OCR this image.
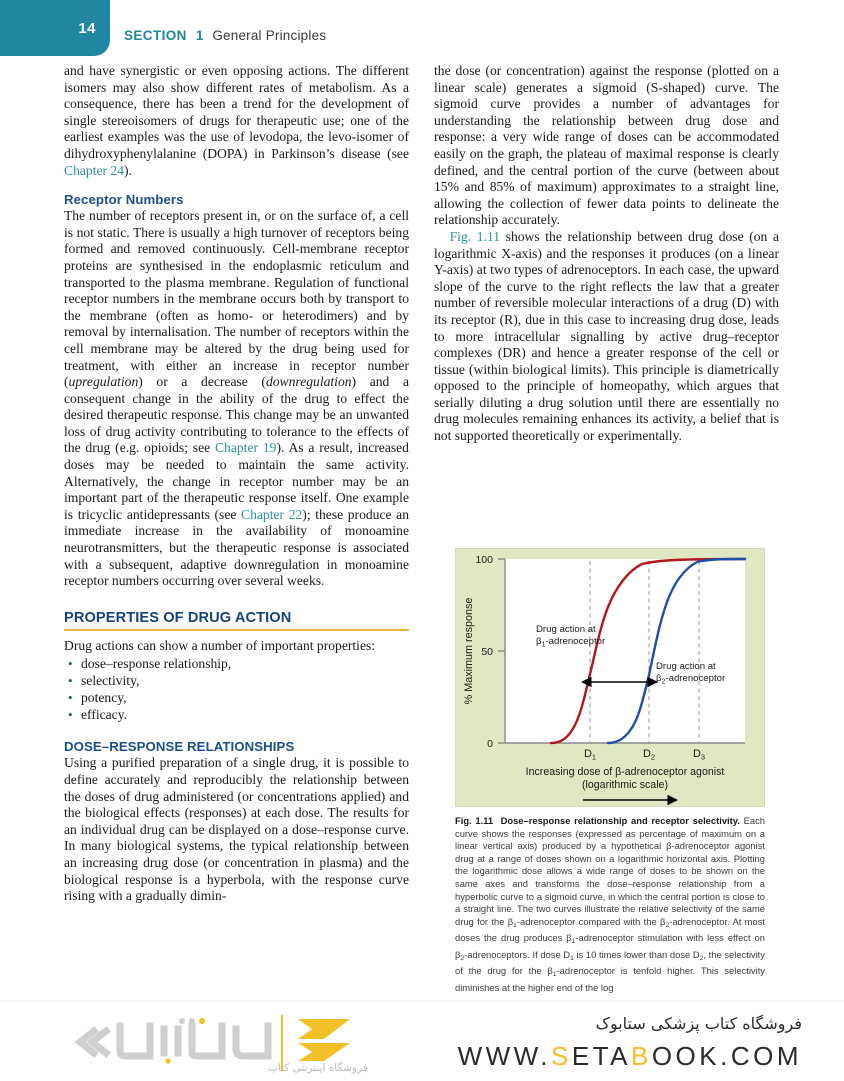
14 SECTION 1 General Principles

and have synergistic or even opposing actions. The different isomers may also show different rates of metabolism. As a consequence, there has been a trend for the development of single stereoisomers of drugs for therapeutic use; one of the earliest examples was the use of levodopa, the levo-isomer of dihydroxyphenylalanine (DOPA) in Parkinson’s disease (see Chapter 24).

Receptor Numbers

The number of receptors present in, or on the surface of, a cell is not static. There is usually a high turnover of receptors being formed and removed continuously. Cell-membrane receptor proteins are synthesised in the endoplasmic reticulum and transported to the plasma membrane. Regulation of functional receptor numbers in the membrane occurs both by transport to the membrane (often as homo- or heterodimers) and by removal by internalisation. The number of receptors within the cell membrane may be altered by the drug being used for treatment, with either an increase in receptor number (upregulation) or a decrease (downregulation) and a consequent change in the ability of the drug to effect the desired therapeutic response. This change may be an unwanted loss of drug activity contributing to tolerance to the effects of the drug (e.g. opioids; see Chapter 19). As a result, increased doses may be needed to maintain the same activity. Alternatively, the change in receptor number may be an important part of the therapeutic response itself. One example is tricyclic antidepressants (see Chapter 22); these produce an immediate increase in the availability of monoamine neurotransmitters, but the therapeutic response is associated with a subsequent, adaptive downregulation in monoamine receptor numbers occurring over several weeks.

PROPERTIES OF DRUG ACTION

Drug actions can show a number of important properties:

• dose–response relationship,
• selectivity,
• potency,
• efficacy.
DOSE–RESPONSE RELATIONSHIPS

Using a purified preparation of a single drug, it is possible to define accurately and reproducibly the relationship between the doses of drug administered (or concentrations applied) and the biological effects (responses) at each dose. The results for an individual drug can be displayed on a dose–response curve. In many biological systems, the typical relationship between an increasing drug dose (or concentration in plasma) and the biological response is a hyperbola, with the response curve rising with a gradually dimin-

the dose (or concentration) against the response (plotted on a linear scale) generates a sigmoid (S-shaped) curve. The sigmoid curve provides a number of advantages for understanding the relationship between drug dose and response: a very wide range of doses can be accommodated easily on the graph, the plateau of maximal response is clearly defined, and the central portion of the curve (between about 15% and 85% of maximum) approximates to a straight line, allowing the collection of fewer data points to delineate the relationship accurately.

Fig. 1.11 shows the relationship between drug dose (on a logarithmic X-axis) and the responses it produces (on a linear Y-axis) at two types of adrenoceptors. In each case, the upward slope of the curve to the right reflects the law that a greater number of reversible molecular interactions of a drug (D) with its receptor (R), due in this case to increasing drug dose, leads to more intracellular signalling by active drug–receptor complexes (DR) and hence a greater response of the cell or tissue (within biological limits). This principle is diametrically opposed to the principle of homeopathy, which argues that serially diluting a drug solution until there are essentially no drug molecules remaining enhances its activity, a belief that is not supported theoretically or experimentally.

100
50
0
% Maximum response	Drug action at
$\beta_1$-adrenoceptor
Drug action at
$\beta_2$-adrenoceptor
$D_1$	$D_2$	$D_3$
Increasing dose of β-adrenoceptor agonist
(logarithmic scale)
Fig. 1.11 Dose–response relationship and receptor selectivity. Each curve shows the responses (expressed as percentage of maximum on a linear vertical axis) produced by a hypothetical β-adrenoceptor agonist drug at a range of doses shown on a logarithmic horizontal axis. Plotting the logarithmic dose allows a wide range of doses to be shown on the same axes and transforms the dose–response relationship from a hyperbolic curve to a sigmoid curve, in which the central portion is close to a straight line. The two curves illustrate the relative selectivity of the same drug for the $\beta_1$-adrenoceptor compared with the $\beta_2$-adrenoceptor. At most doses the drug produces $\beta_1$-adrenoceptor stimulation with less effect on $\beta_2$-adrenoceptors. If dose $D_1$ is 10 times lower than dose $D_2$, the selectivity of the drug for the $\beta_1$-adrenoceptor is tenfold higher. This selectivity diminishes at the higher end of the log
فروشگاه اینترنتی کتاب
فروشگاه کتاب پزشکی ستابوک
WWW.SETABOOK.COM
